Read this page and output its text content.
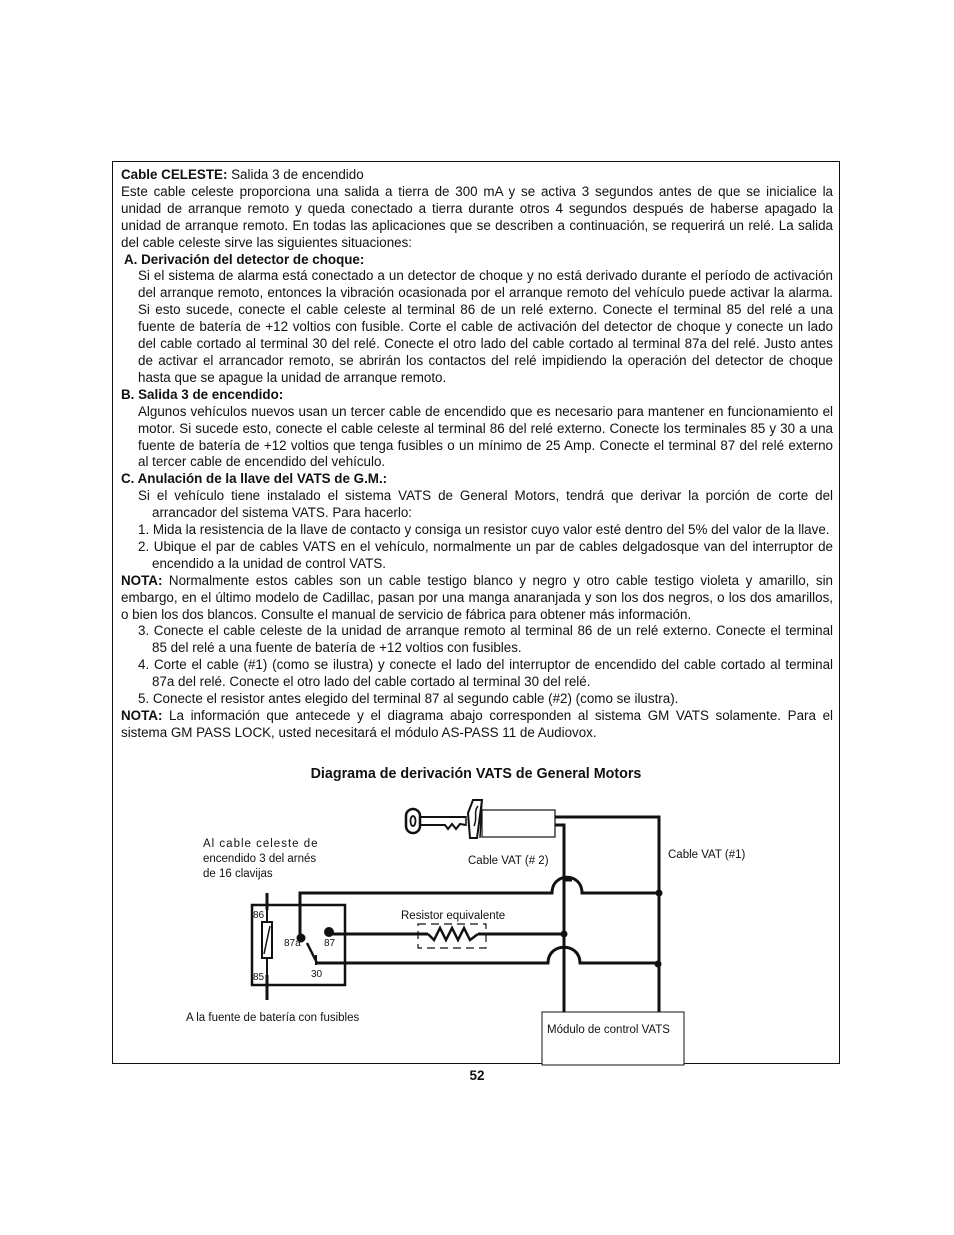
Cable CELESTE: Salida 3 de encendido

Este cable celeste proporciona una salida a tierra de 300 mA y se activa 3 segundos antes de que se inicialice la unidad de arranque remoto y queda conectado a tierra durante otros 4 segundos después de haberse apagado la unidad de arranque remoto. En todas las aplicaciones que se describen a continuación, se requerirá un relé. La salida del cable celeste sirve las siguientes situaciones:

A. Derivación del detector de choque:

Si el sistema de alarma está conectado a un detector de choque y no está derivado durante el período de activación del arranque remoto, entonces la vibración ocasionada por el arranque remoto del vehículo puede activar la alarma. Si esto sucede, conecte el cable celeste al terminal 86 de un relé externo. Conecte el terminal 85 del relé a una fuente de batería de +12 voltios con fusible. Corte el cable de activación del detector de choque y conecte un lado del cable cortado al terminal 30 del relé. Conecte el otro lado del cable cortado al terminal 87a del relé. Justo antes de activar el arrancador remoto, se abrirán los contactos del relé impidiendo la operación del detector de choque hasta que se apague la unidad de arranque remoto.

B. Salida 3 de encendido:

Algunos vehículos nuevos usan un tercer cable de encendido que es necesario para mantener en funcionamiento el motor. Si sucede esto, conecte el cable celeste al terminal 86 del relé externo. Conecte los terminales 85 y 30 a una fuente de batería de +12 voltios que tenga fusibles o un mínimo de 25 Amp. Conecte el terminal 87 del relé externo al tercer cable de encendido del vehículo.

C. Anulación de la llave del VATS de G.M.:

Si el vehículo tiene instalado el sistema VATS de General Motors, tendrá que derivar la porción de corte del arrancador del sistema VATS. Para hacerlo:

1. Mida la resistencia de la llave de contacto y consiga un resistor cuyo valor esté dentro del 5% del valor de la llave.

2. Ubique el par de cables VATS en el vehículo, normalmente un par de cables delgadosque van del interruptor de encendido a la unidad de control VATS.

NOTA: Normalmente estos cables son un cable testigo blanco y negro y otro cable testigo violeta y amarillo, sin embargo, en el último modelo de Cadillac, pasan por una manga anaranjada y son los dos negros, o los dos amarillos, o bien los dos blancos. Consulte el manual de servicio de fábrica para obtener más información.

3. Conecte el cable celeste de la unidad de arranque remoto al terminal 86 de un relé externo. Conecte el terminal 85 del relé a una fuente de batería de +12 voltios con fusibles.

4. Corte el cable (#1) (como se ilustra) y conecte el lado del interruptor de encendido del cable cortado al terminal 87a del relé. Conecte el otro lado del cable cortado al terminal 30 del relé.

5. Conecte el resistor antes elegido del terminal 87 al segundo cable (#2) (como se ilustra).

NOTA: La información que antecede y el diagrama abajo corresponden al sistema GM VATS solamente. Para el sistema GM PASS LOCK, usted necesitará el módulo AS-PASS 11 de Audiovox.

Diagrama de derivación VATS de General Motors
Al cable celeste de
encendido 3 del arnés
de 16 clavijas
Cable VAT (# 2)	Cable VAT (#1)
Resistor equivalente
A la fuente de batería con fusibles
Módulo de control VATS
86
85
87a 87
30
52
